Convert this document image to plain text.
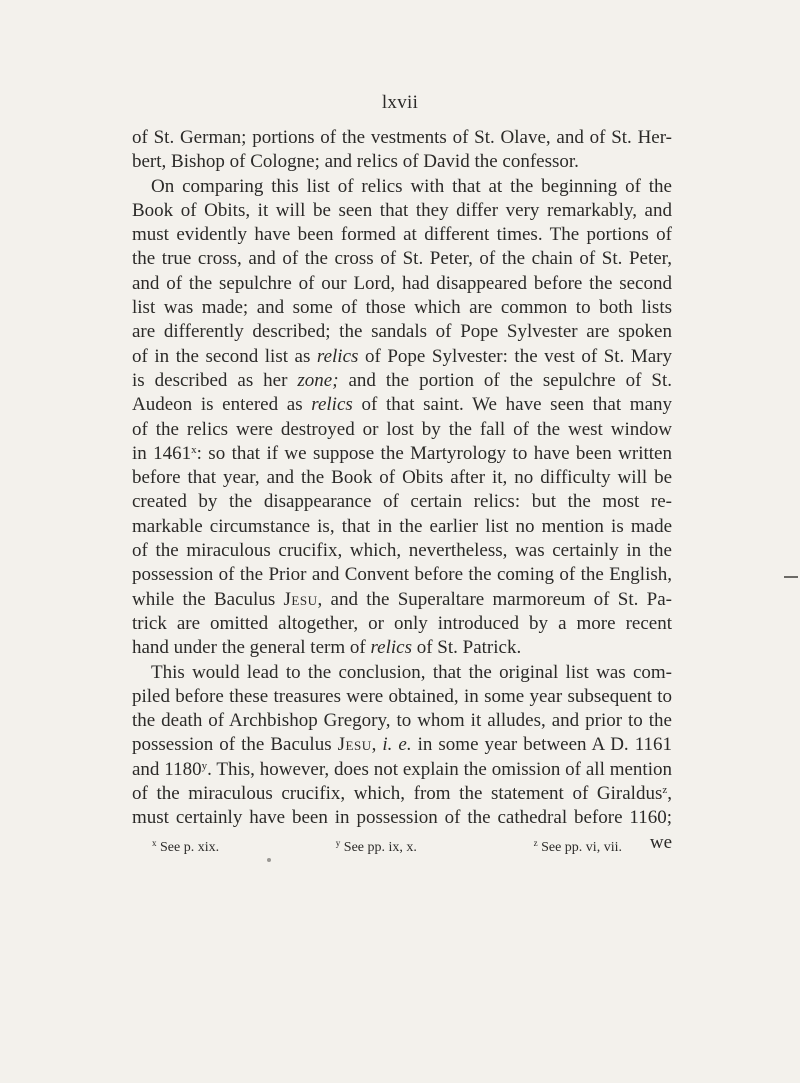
lxvii
of St. German; portions of the vestments of St. Olave, and of St. Her-
bert, Bishop of Cologne; and relics of David the confessor.
On comparing this list of relics with that at the beginning of the
Book of Obits, it will be seen that they differ very remarkably, and
must evidently have been formed at different times. The portions of
the true cross, and of the cross of St. Peter, of the chain of St. Peter,
and of the sepulchre of our Lord, had disappeared before the second
list was made; and some of those which are common to both lists
are differently described; the sandals of Pope Sylvester are spoken
of in the second list as relics of Pope Sylvester: the vest of St. Mary
is described as her zone; and the portion of the sepulchre of St.
Audeon is entered as relics of that saint. We have seen that many
of the relics were destroyed or lost by the fall of the west window
in 1461$^x$: so that if we suppose the Martyrology to have been written
before that year, and the Book of Obits after it, no difficulty will be
created by the disappearance of certain relics: but the most re-
markable circumstance is, that in the earlier list no mention is made
of the miraculous crucifix, which, nevertheless, was certainly in the
possession of the Prior and Convent before the coming of the English,
while the Baculus Jesu, and the Superaltare marmoreum of St. Pa-
trick are omitted altogether, or only introduced by a more recent
hand under the general term of relics of St. Patrick.
This would lead to the conclusion, that the original list was com-
piled before these treasures were obtained, in some year subsequent to
the death of Archbishop Gregory, to whom it alludes, and prior to the
possession of the Baculus Jesu, i. e. in some year between A D. 1161
and 1180$^y$. This, however, does not explain the omission of all mention
of the miraculous crucifix, which, from the statement of Giraldus$^z$,
must certainly have been in possession of the cathedral before 1160;
we
$^x$ See p. xix.	$^y$ See pp. ix, x.	$^z$ See pp. vi, vii.
